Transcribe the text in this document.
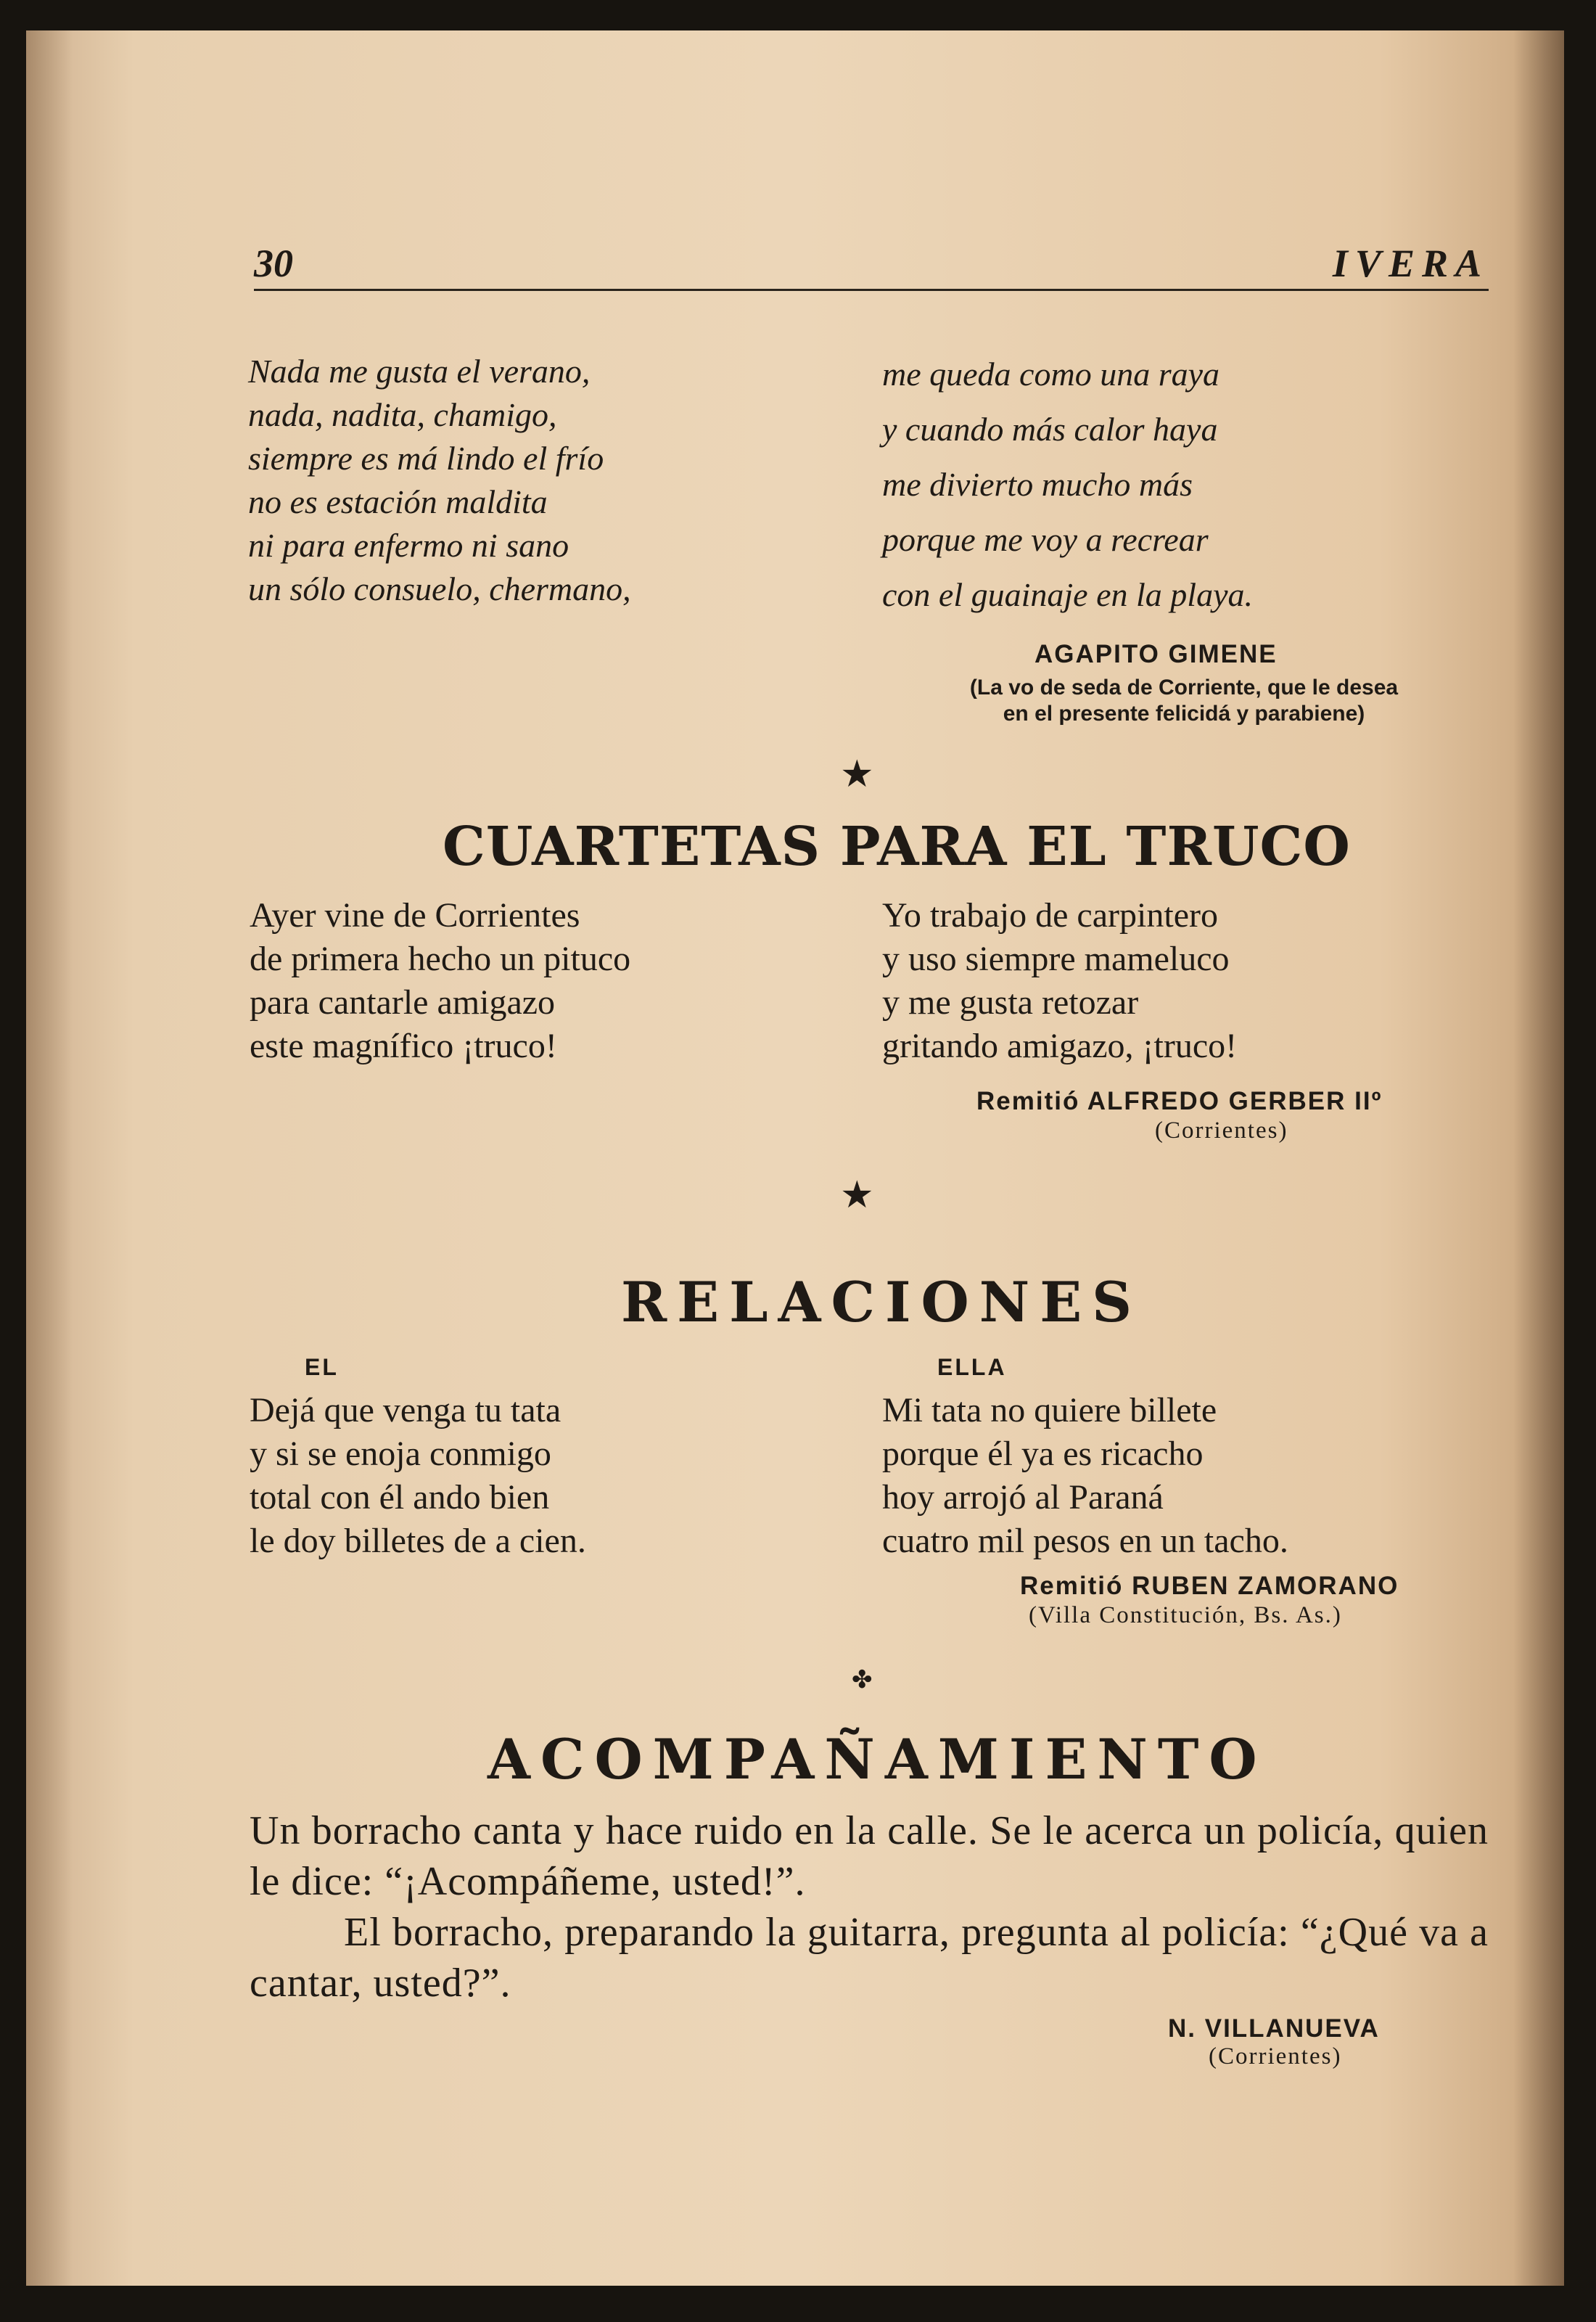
30	IVERA

Nada me gusta el verano,

nada, nadita, chamigo,

siempre es má lindo el frío

no es estación maldita

ni para enfermo ni sano

un sólo consuelo, chermano,

me queda como una raya

y cuando más calor haya

me divierto mucho más

porque me voy a recrear

con el guainaje en la playa.

AGAPITO GIMENE
(La vo de seda de Corriente, que le desea
en el presente felicidá y parabiene)
★
CUARTETAS PARA EL TRUCO

Ayer vine de Corrientes

de primera hecho un pituco

para cantarle amigazo

este magnífico ¡truco!

Yo trabajo de carpintero

y uso siempre mameluco

y me gusta retozar

gritando amigazo, ¡truco!

Remitió ALFREDO GERBER IIº
(Corrientes)
★
RELACIONES
EL	ELLA

Dejá que venga tu tata

y si se enoja conmigo

total con él ando bien

le doy billetes de a cien.

Mi tata no quiere billete

porque él ya es ricacho

hoy arrojó al Paraná

cuatro mil pesos en un tacho.

Remitió RUBEN ZAMORANO
(Villa Constitución, Bs. As.)
✤
ACOMPAÑAMIENTO

Un borracho canta y hace ruido en la calle. Se le acerca un policía, quien le dice: “¡Acompáñeme, usted!”.

El borracho, preparando la guitarra, pregunta al policía: “¿Qué va a cantar, usted?”.

N. VILLANUEVA
(Corrientes)
